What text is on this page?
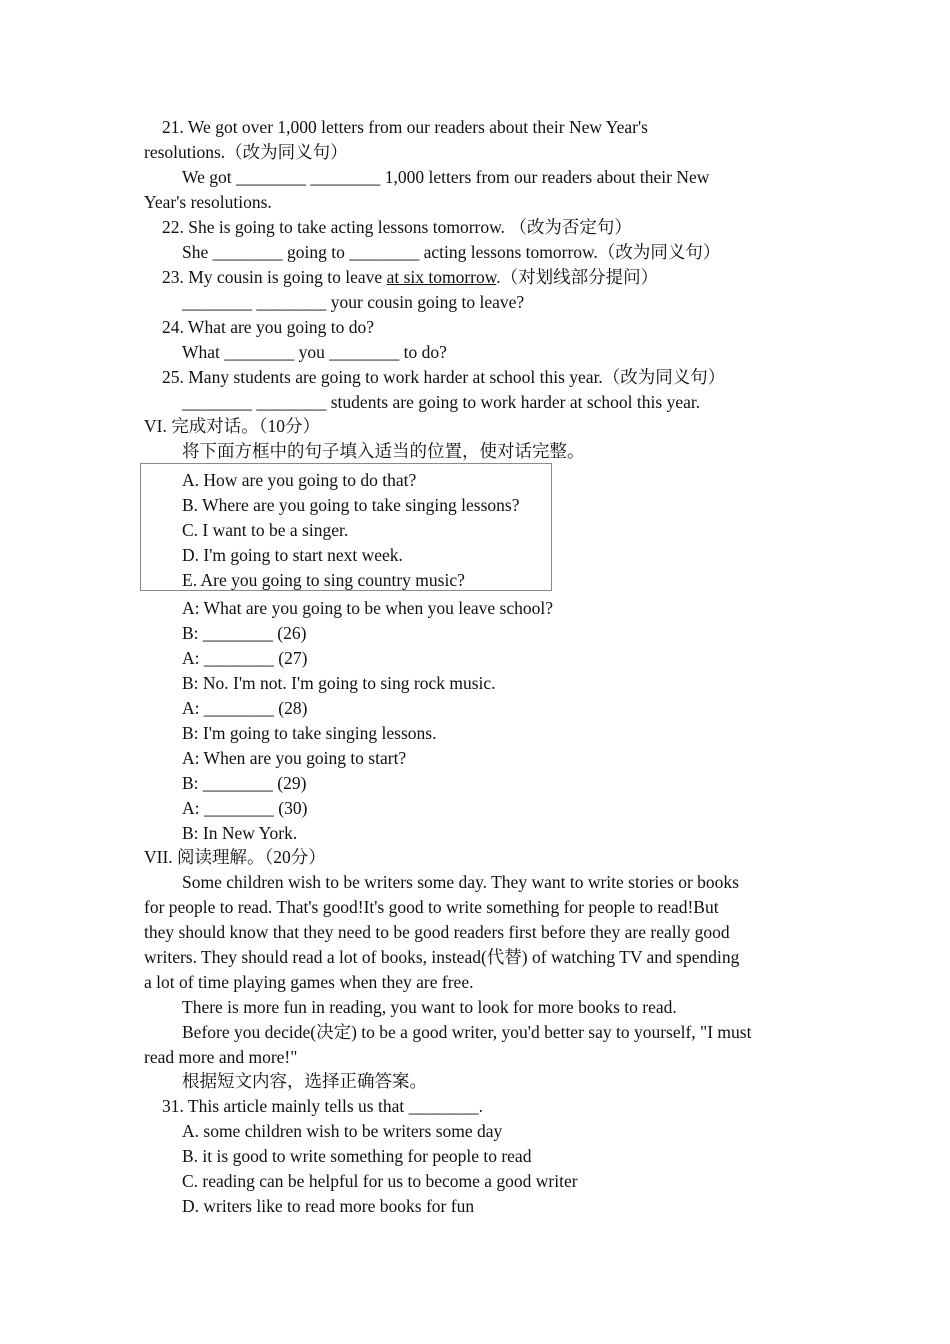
21. We got over 1,000 letters from our readers about their New Year's
resolutions.（改为同义句）
We got ________ ________ 1,000 letters from our readers about their New
Year's resolutions.
22. She is going to take acting lessons tomorrow. （改为否定句）
She ________ going to ________ acting lessons tomorrow.（改为同义句）
23. My cousin is going to leave at six tomorrow.（对划线部分提问）
________ ________ your cousin going to leave?
24. What are you going to do?
What ________ you ________ to do?
25. Many students are going to work harder at school this year.（改为同义句）
________ ________ students are going to work harder at school this year.
VI. 完成对话。（10分）
将下面方框中的句子填入适当的位置，使对话完整。
A. How are you going to do that?
B. Where are you going to take singing lessons?
C. I want to be a singer.
D. I'm going to start next week.
E. Are you going to sing country music?
A: What are you going to be when you leave school?
B: ________ (26)
A: ________ (27)
B: No. I'm not. I'm going to sing rock music.
A: ________ (28)
B: I'm going to take singing lessons.
A: When are you going to start?
B: ________ (29)
A: ________ (30)
B: In New York.
VII. 阅读理解。（20分）
Some children wish to be writers some day. They want to write stories or books
for people to read. That's good!It's good to write something for people to read!But
they should know that they need to be good readers first before they are really good
writers. They should read a lot of books, instead(代替) of watching TV and spending
a lot of time playing games when they are free.
There is more fun in reading, you want to look for more books to read.
Before you decide(决定) to be a good writer, you'd better say to yourself, "I must
read more and more!"
根据短文内容，选择正确答案。
31. This article mainly tells us that ________.
A. some children wish to be writers some day
B. it is good to write something for people to read
C. reading can be helpful for us to become a good writer
D. writers like to read more books for fun
